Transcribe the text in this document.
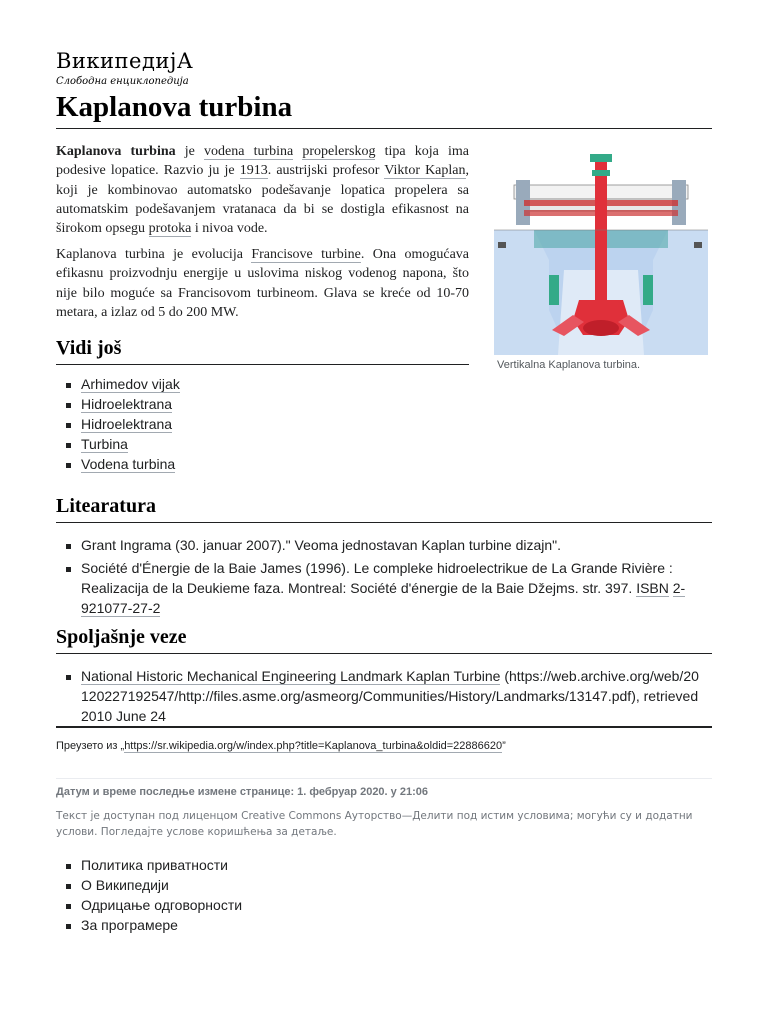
ВикипедијА
Слободна енциклопедија
Kaplanova turbina

Kaplanova turbina je vodena turbina propelerskog tipa koja ima podesive lopatice. Razvio ju je 1913. austrijski profesor Viktor Kaplan, koji je kombinovao automatsko podešavanje lopatica propelera sa automatskim podešavanjem vratanaca da bi se dostigla efikasnost na širokom opsegu protoka i nivoa vode.

Kaplanova turbina je evolucija Francisove turbine. Ona omogućava efikasnu proizvodnju energije u uslovima niskog vodenog napona, što nije bilo moguće sa Francisovom turbineom. Glava se kreće od 10-70 metara, a izlaz od 5 do 200 MW.

Vertikalna Kaplanova turbina.
Vidi još
Arhimedov vijak
Hidroelektrana
Hidroelektrana
Turbina
Vodena turbina
Litearatura
Grant Ingrama (30. januar 2007)." Veoma jednostavan Kaplan turbine dizajn".
Société d'Énergie de la Baie James (1996). Le compleke hidroelectrikue de La Grande Rivière : Realizacija de la Deukieme faza. Montreal: Société d'énergie de la Baie Džejms. str. 397. ISBN 2-921077-27-2
Spoljašnje veze
National Historic Mechanical Engineering Landmark Kaplan Turbine (https://web.archive.org/web/20120227192547/http://files.asme.org/asmeorg/Communities/History/Landmarks/13147.pdf), retrieved 2010 June 24
Преузето из „https://sr.wikipedia.org/w/index.php?title=Kaplanova_turbina&oldid=22886620”
Датум и време последње измене странице: 1. фебруар 2020. у 21:06
Текст је доступан под лиценцом Creative Commons Ауторство—Делити под истим условима; могући су и додатни услови. Погледајте услове коришћења за детаље.
Политика приватности
О Википедији
Одрицање одговорности
За програмере
